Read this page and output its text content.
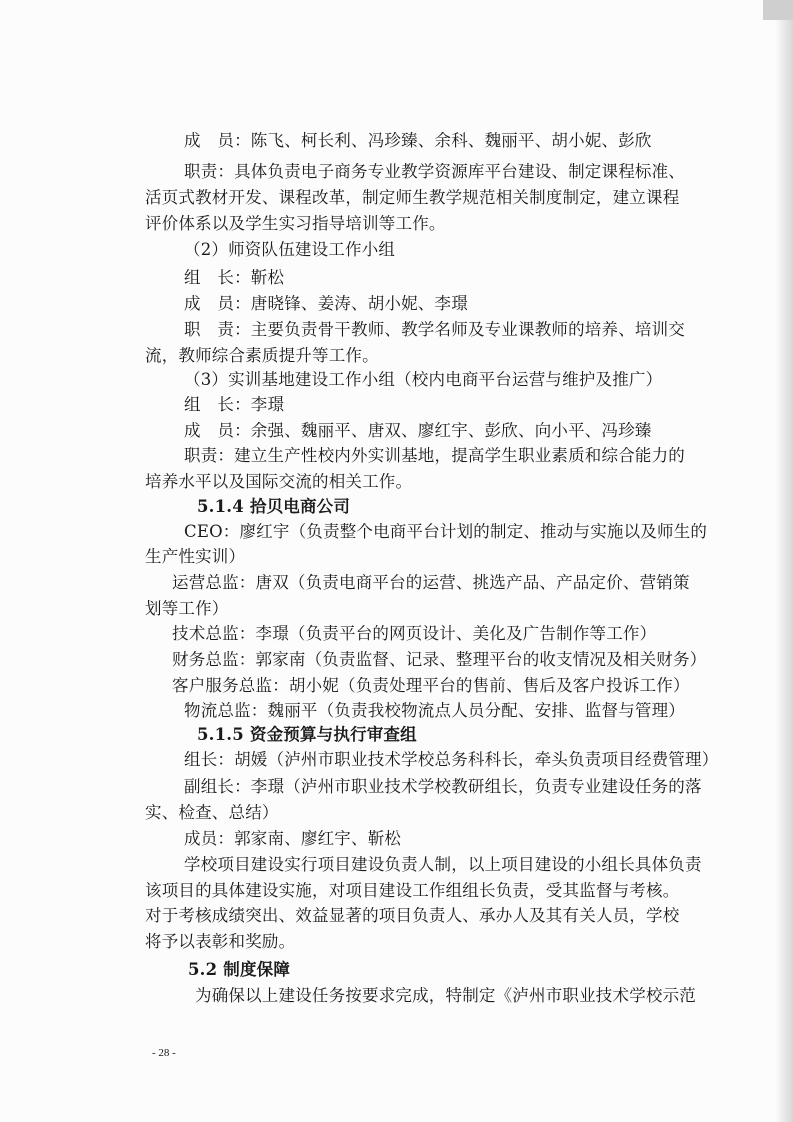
成　员：陈飞、柯长利、冯珍臻、余科、魏丽平、胡小妮、彭欣
职责：具体负责电子商务专业教学资源库平台建设、制定课程标准、
活页式教材开发、课程改革，制定师生教学规范相关制度制定，建立课程
评价体系以及学生实习指导培训等工作。
（2）师资队伍建设工作小组
组　长：靳松
成　员：唐晓锋、姜涛、胡小妮、李璟
职　责：主要负责骨干教师、教学名师及专业课教师的培养、培训交
流，教师综合素质提升等工作。
（3）实训基地建设工作小组（校内电商平台运营与维护及推广）
组　长：李璟
成　员：余强、魏丽平、唐双、廖红宇、彭欣、向小平、冯珍臻
职责：建立生产性校内外实训基地，提高学生职业素质和综合能力的
培养水平以及国际交流的相关工作。
5.1.4 拾贝电商公司
CEO：廖红宇（负责整个电商平台计划的制定、推动与实施以及师生的
生产性实训）
运营总监：唐双（负责电商平台的运营、挑选产品、产品定价、营销策
划等工作）
技术总监：李璟（负责平台的网页设计、美化及广告制作等工作）
财务总监：郭家南（负责监督、记录、整理平台的收支情况及相关财务）
客户服务总监：胡小妮（负责处理平台的售前、售后及客户投诉工作）
物流总监：魏丽平（负责我校物流点人员分配、安排、监督与管理）
5.1.5 资金预算与执行审查组
组长：胡媛（泸州市职业技术学校总务科科长，牵头负责项目经费管理）
副组长：李璟（泸州市职业技术学校教研组长，负责专业建设任务的落
实、检查、总结）
成员：郭家南、廖红宇、靳松
学校项目建设实行项目建设负责人制，以上项目建设的小组长具体负责
该项目的具体建设实施，对项目建设工作组组长负责，受其监督与考核。
对于考核成绩突出、效益显著的项目负责人、承办人及其有关人员，学校
将予以表彰和奖励。
5.2 制度保障
为确保以上建设任务按要求完成，特制定《泸州市职业技术学校示范
- 28 -
